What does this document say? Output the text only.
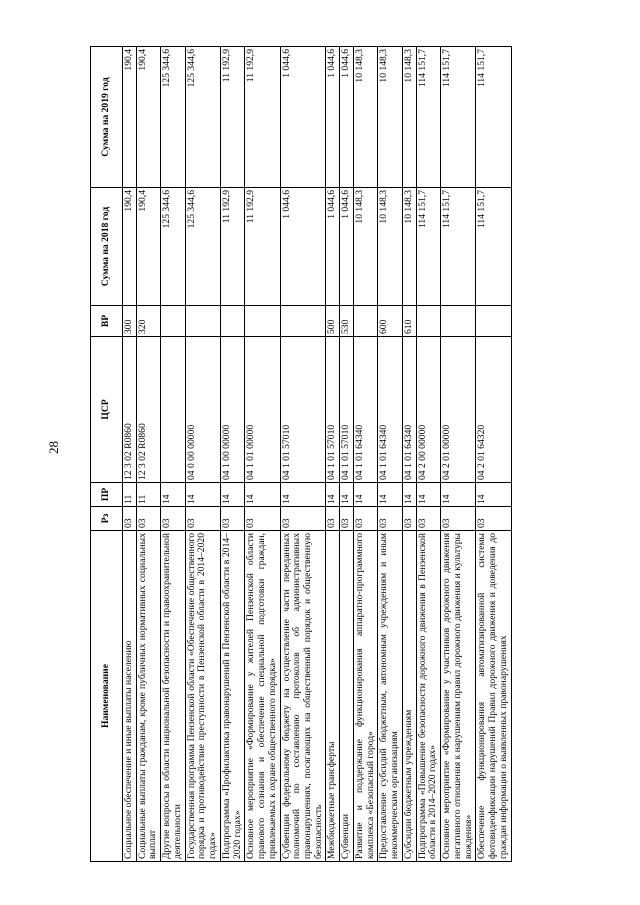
28
Наименование	Рз	ПР	ЦСР	ВР	Сумма на 2018 год	Сумма на 2019 год
Социальное обеспечение и иные выплаты населению	03	11	12 3 02 R0860	300	190,4	190,4
Социальные выплаты гражданам, кроме публичных нормативных социальных выплат	03	11	12 3 02 R0860	320	190,4	190,4
Другие вопросы в области национальной безопасности и правоохранительной деятельности	03	14			125 344,6	125 344,6
Государственная программа Пензенской области «Обеспечение общественного порядка и противодействие преступности в Пензенской области в 2014–2020 годах»	03	14	04 0 00 00000		125 344,6	125 344,6
Подпрограмма «Профилактика правонарушений в Пензенской области в 2014–2020 годах»	03	14	04 1 00 00000		11 192,9	11 192,9
Основное мероприятие «Формирование у жителей Пензенской области правового сознания и обеспечение специальной подготовки граждан, привлекаемых к охране общественного порядка»	03	14	04 1 01 00000		11 192,9	11 192,9
Субвенции федеральному бюджету на осуществление части переданных полномочий по составлению протоколов об административных правонарушениях, посягающих на общественный порядок и общественную безопасность	03	14	04 1 01 57010		1 044,6	1 044,6
Межбюджетные трансферты	03	14	04 1 01 57010	500	1 044,6	1 044,6
Субвенции	03	14	04 1 01 57010	530	1 044,6	1 044,6
Развитие и поддержание функционирования аппаратно-программного комплекса «Безопасный город»	03	14	04 1 01 64340		10 148,3	10 148,3
Предоставление субсидий бюджетным, автономным учреждениям и иным некоммерческим организациям	03	14	04 1 01 64340	600	10 148,3	10 148,3
Субсидии бюджетным учреждениям	03	14	04 1 01 64340	610	10 148,3	10 148,3
Подпрограмма «Повышение безопасности дорожного движения в Пензенской области в 2014–2020 годах»	03	14	04 2 00 00000		114 151,7	114 151,7
Основное мероприятие «Формирование у участников дорожного движения негативного отношения к нарушениям правил дорожного движения и культуры вождения»	03	14	04 2 01 00000		114 151,7	114 151,7
Обеспечение функционирования автоматизированной системы фотовидеофиксации нарушений Правил дорожного движения и доведения до граждан информации о выявленных правонарушениях	03	14	04 2 01 64320		114 151,7	114 151,7
